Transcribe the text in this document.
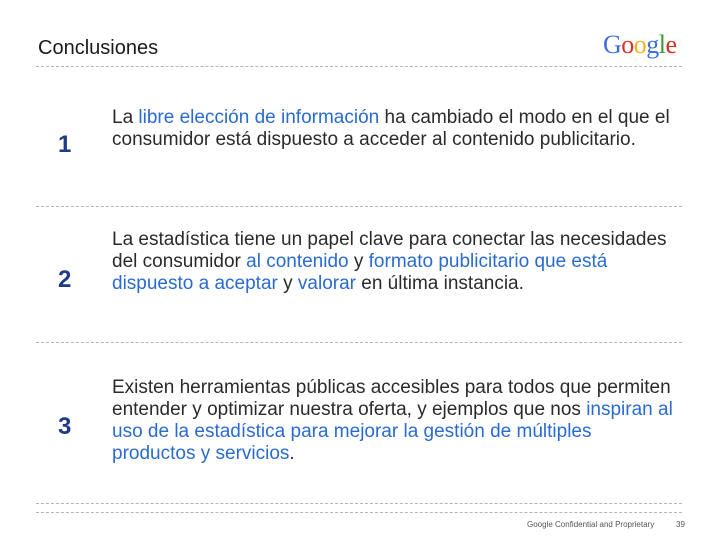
Conclusiones	Google
1
La libre elección de información ha cambiado el modo en el que el consumidor está dispuesto a acceder al contenido publicitario.
2
La estadística tiene un papel clave para conectar las necesidades del consumidor al contenido y formato publicitario que está dispuesto a aceptar y valorar en última instancia.
3
Existen herramientas públicas accesibles para todos que permiten entender y optimizar nuestra oferta, y ejemplos que nos inspiran al uso de la estadística para mejorar la gestión de múltiples productos y servicios.
Google Confidential and Proprietary	39
